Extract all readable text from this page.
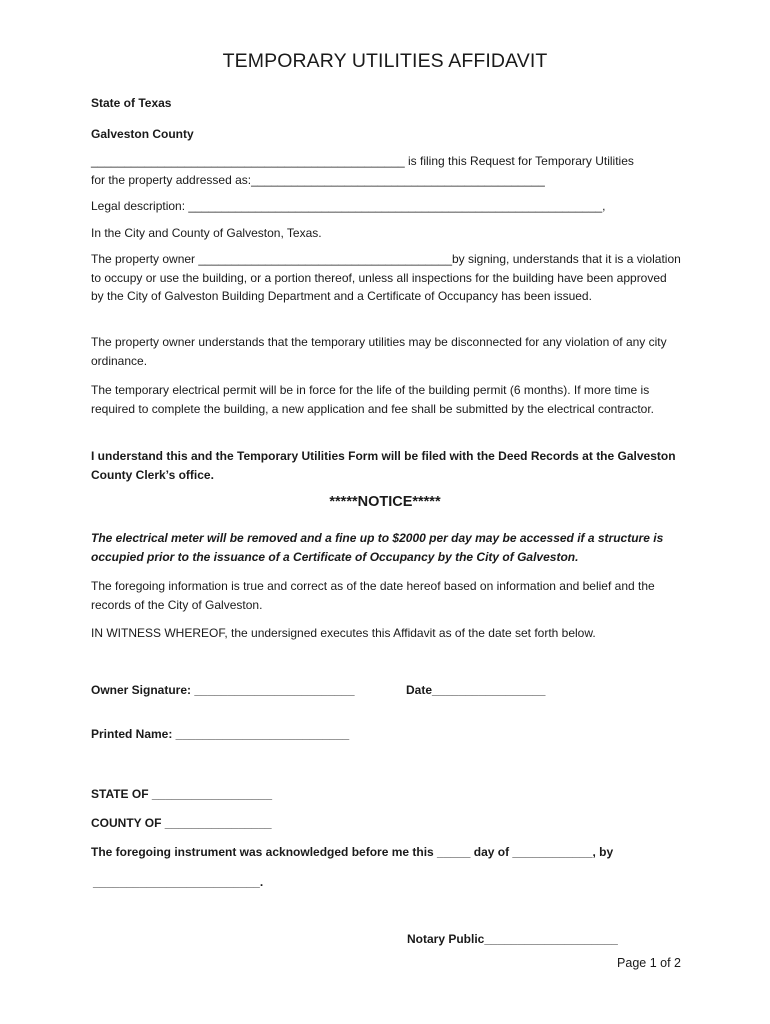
TEMPORARY UTILITIES AFFIDAVIT
State of Texas
Galveston County
_______________________________________________ is filing this Request for Temporary Utilities
for the property addressed as:____________________________________________
Legal description: ______________________________________________________________,
In the City and County of Galveston, Texas.
The property owner ______________________________________by signing, understands that it is a violation to occupy or use the building, or a portion thereof, unless all inspections for the building have been approved by the City of Galveston Building Department and a Certificate of Occupancy has been issued.
The property owner understands that the temporary utilities may be disconnected for any violation of any city ordinance.
The temporary electrical permit will be in force for the life of the building permit (6 months). If more time is required to complete the building, a new application and fee shall be submitted by the electrical contractor.
I understand this and the Temporary Utilities Form will be filed with the Deed Records at the Galveston County Clerk’s office.
*****NOTICE*****
The electrical meter will be removed and a fine up to $2000 per day may be accessed if a structure is occupied prior to the issuance of a Certificate of Occupancy by the City of Galveston.
The foregoing information is true and correct as of the date hereof based on information and belief and the records of the City of Galveston.
IN WITNESS WHEREOF, the undersigned executes this Affidavit as of the date set forth below.
Owner Signature: ________________________	Date_________________
Printed Name: __________________________
STATE OF __________________
COUNTY OF ________________
The foregoing instrument was acknowledged before me this _____ day of ____________, by
_________________________.
Notary Public____________________
Page 1 of 2
